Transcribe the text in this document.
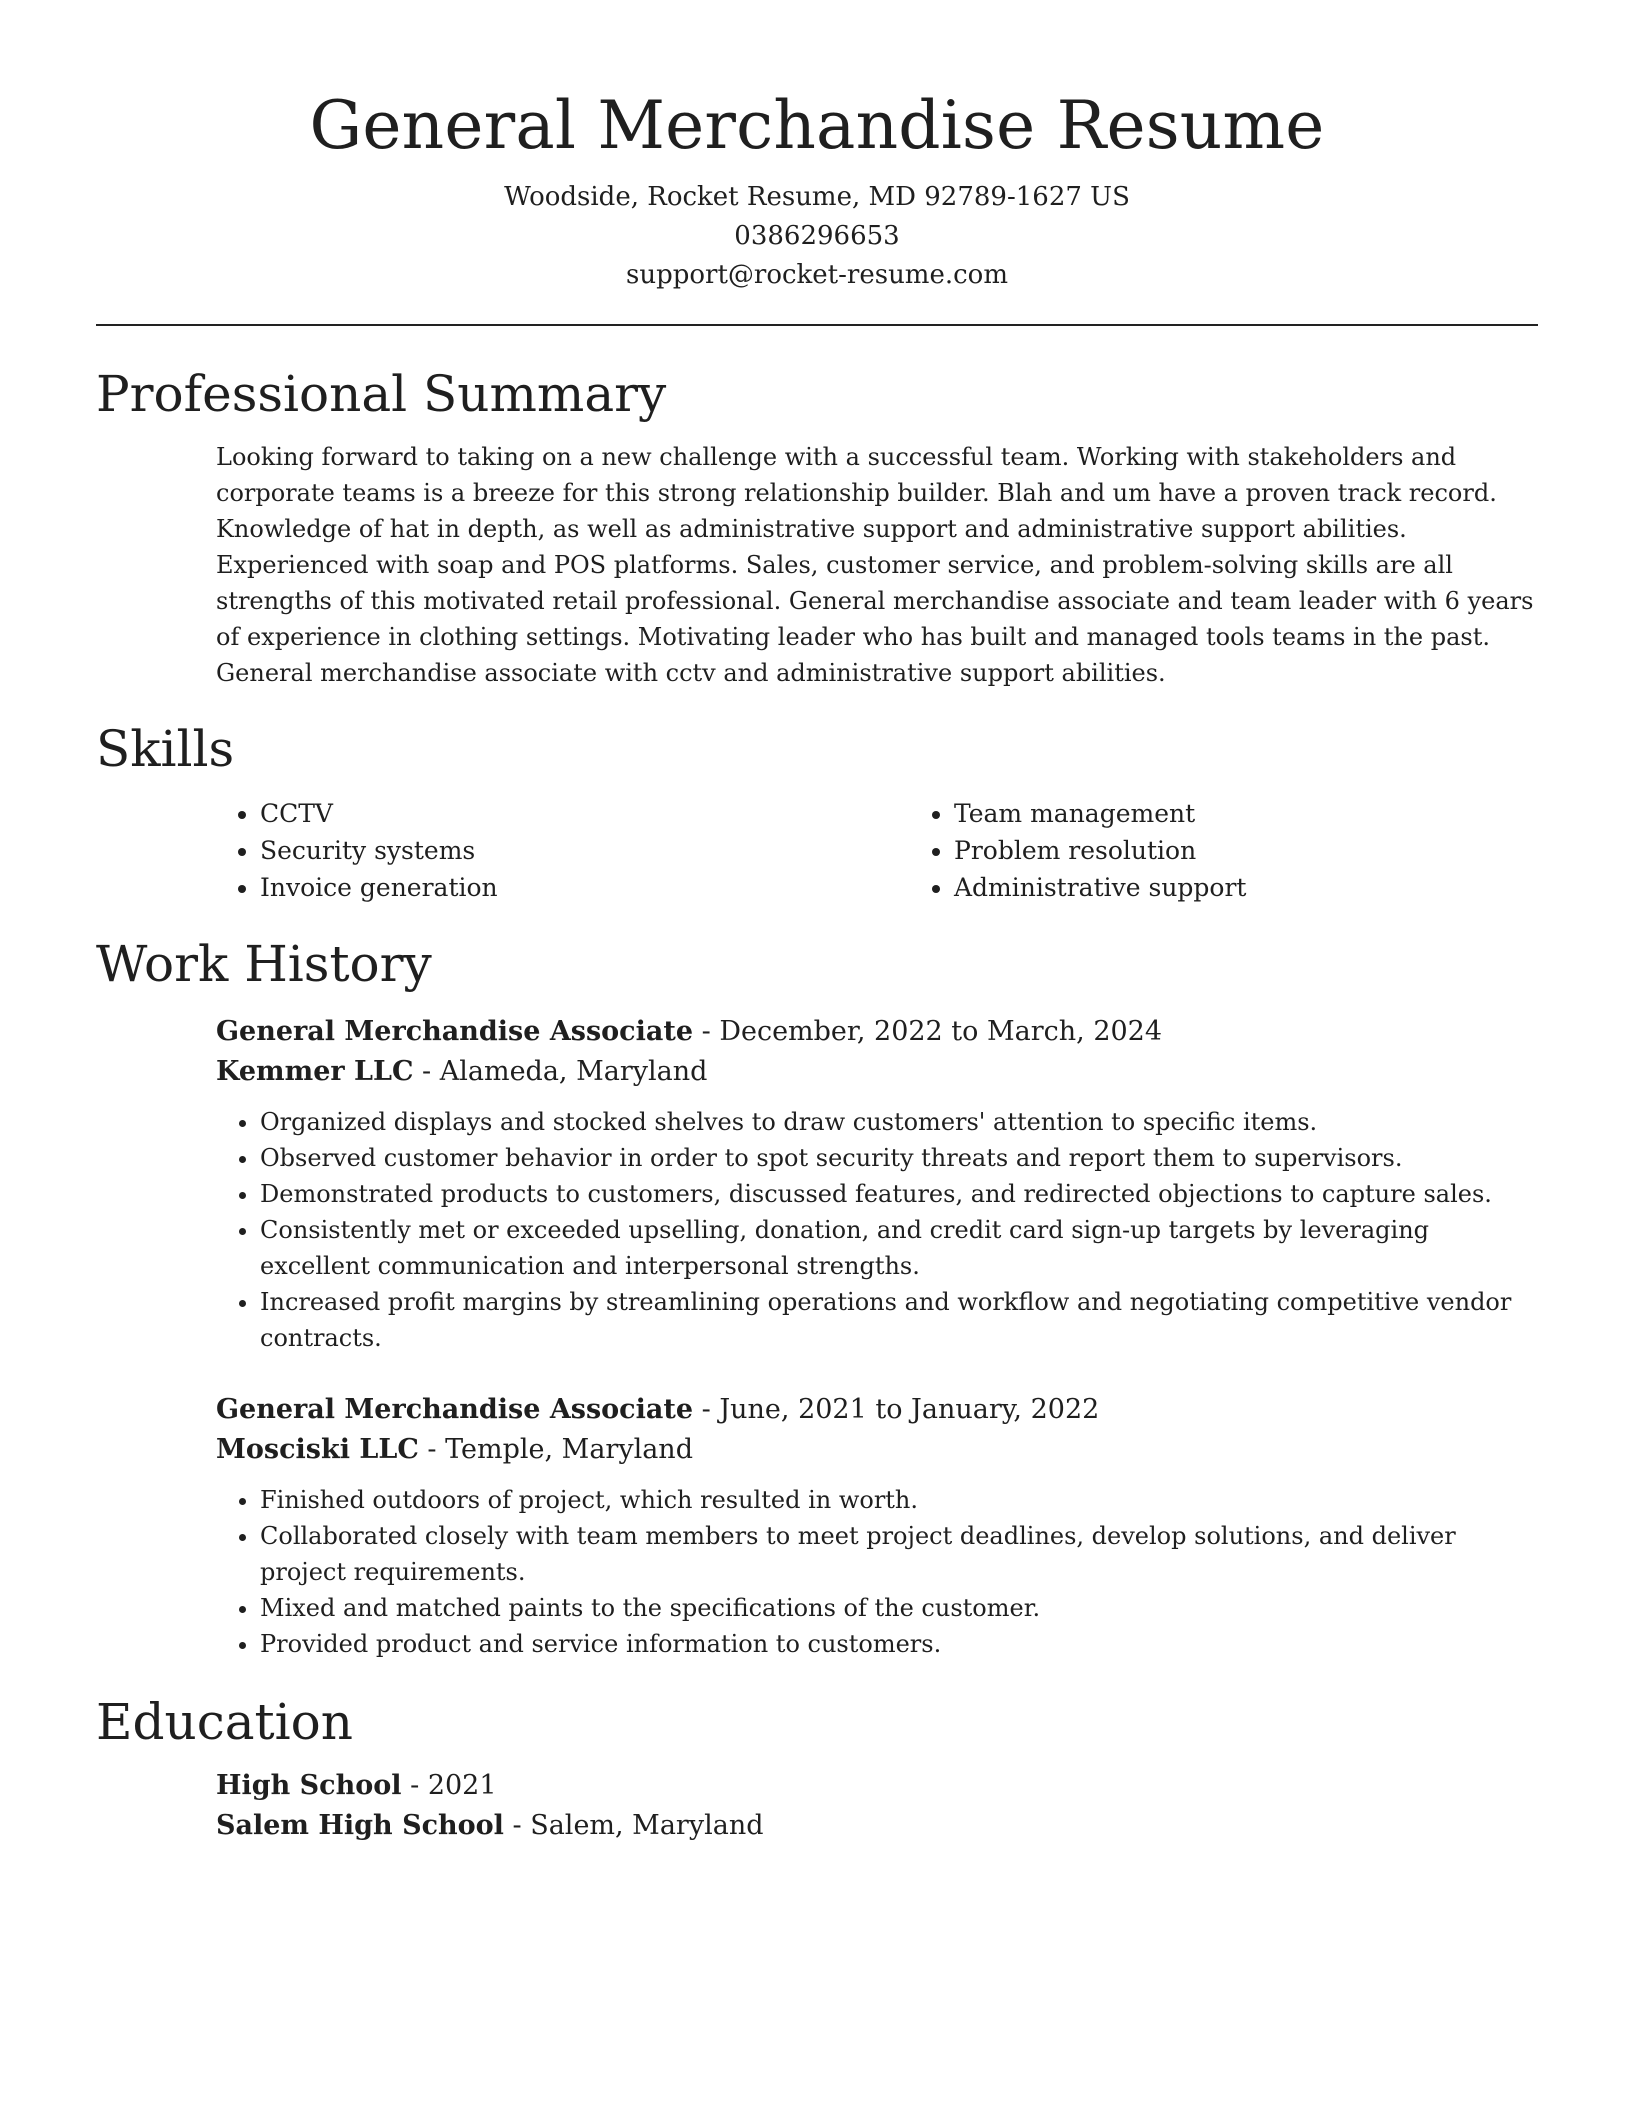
General Merchandise Resume
Woodside, Rocket Resume, MD 92789-1627 US
0386296653
support@rocket-resume.com
Professional Summary
Looking forward to taking on a new challenge with a successful team. Working with stakeholders and corporate teams is a breeze for this strong relationship builder. Blah and um have a proven track record. Knowledge of hat in depth, as well as administrative support and administrative support abilities. Experienced with soap and POS platforms. Sales, customer service, and problem-solving skills are all strengths of this motivated retail professional. General merchandise associate and team leader with 6 years of experience in clothing settings. Motivating leader who has built and managed tools teams in the past. General merchandise associate with cctv and administrative support abilities.
Skills
• CCTV
• Security systems
• Invoice generation
• Team management
• Problem resolution
• Administrative support
Work History
General Merchandise Associate - December, 2022 to March, 2024
Kemmer LLC - Alameda, Maryland
• Organized displays and stocked shelves to draw customers' attention to specific items.
• Observed customer behavior in order to spot security threats and report them to supervisors.
• Demonstrated products to customers, discussed features, and redirected objections to capture sales.
• Consistently met or exceeded upselling, donation, and credit card sign-up targets by leveraging excellent communication and interpersonal strengths.
• Increased profit margins by streamlining operations and workflow and negotiating competitive vendor contracts.
General Merchandise Associate - June, 2021 to January, 2022
Mosciski LLC - Temple, Maryland
• Finished outdoors of project, which resulted in worth.
• Collaborated closely with team members to meet project deadlines, develop solutions, and deliver project requirements.
• Mixed and matched paints to the specifications of the customer.
• Provided product and service information to customers.
Education
High School - 2021
Salem High School - Salem, Maryland
